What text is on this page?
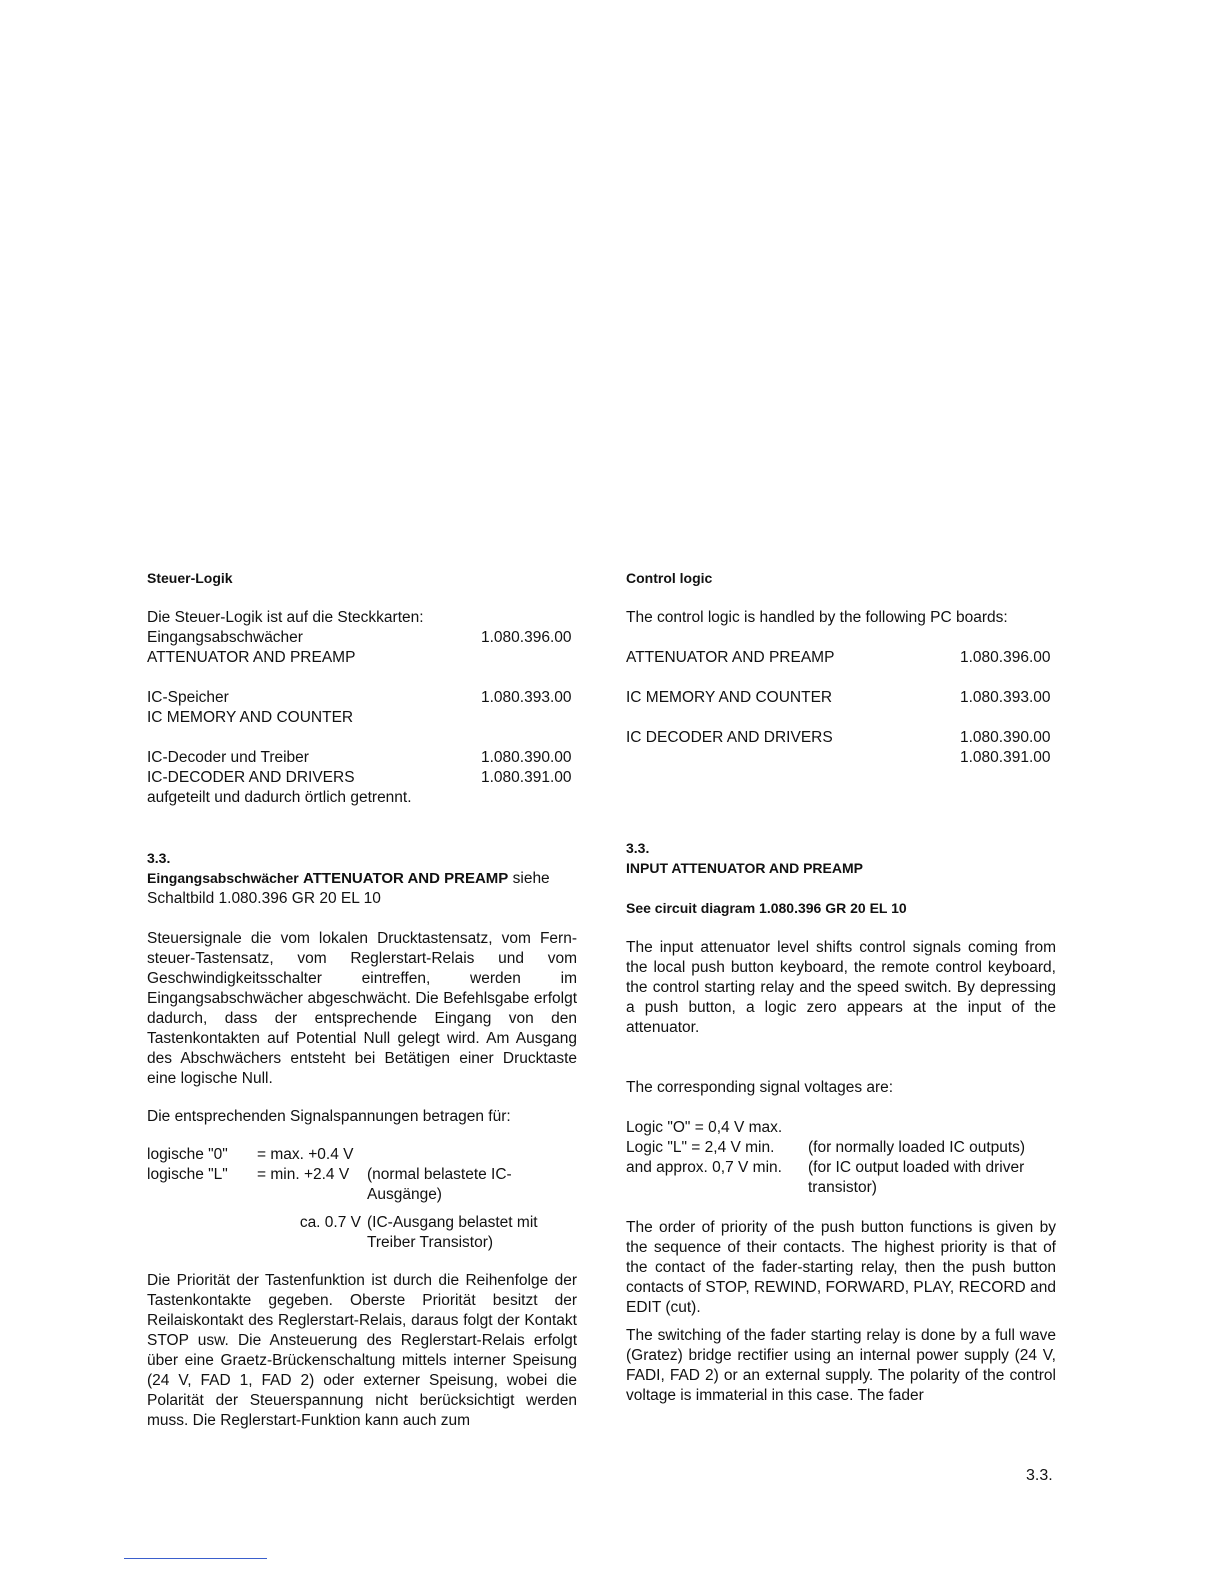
Steuer-Logik

Die Steuer-Logik ist auf die Steckkarten:

Eingangsabschwächer	1.080.396.00
ATTENUATOR AND PREAMP
IC-Speicher	1.080.393.00
IC MEMORY AND COUNTER
IC-Decoder und Treiber	1.080.390.00
IC-DECODER AND DRIVERS	1.080.391.00

aufgeteilt und dadurch örtlich getrennt.

3.3.

Eingangsabschwächer ATTENUATOR AND PREAMP siehe

Schaltbild 1.080.396 GR 20 EL 10

Steuersignale die vom lokalen Drucktastensatz, vom Fern-steuer-Tastensatz, vom Reglerstart-Relais und vom Geschwindigkeitsschalter eintreffen, werden im Eingangsabschwächer abgeschwächt. Die Befehlsgabe erfolgt dadurch, dass der entsprechende Eingang von den Tastenkontakten auf Potential Null gelegt wird. Am Ausgang des Abschwächers entsteht bei Betätigen einer Drucktaste eine logische Null.

Die entsprechenden Signalspannungen betragen für:

logische "0"	= max. +0.4 V
logische "L"	= min. +2.4 V	(normal belastete IC-Ausgänge)
ca. 0.7 V (IC-Ausgang belastet mit Treiber Transistor)

Die Priorität der Tastenfunktion ist durch die Reihenfolge der Tastenkontakte gegeben. Oberste Priorität besitzt der Reilaiskontakt des Reglerstart-Relais, daraus folgt der Kontakt STOP usw. Die Ansteuerung des Reglerstart-Relais erfolgt über eine Graetz-Brückenschaltung mittels interner Speisung (24 V, FAD 1, FAD 2) oder externer Speisung, wobei die Polarität der Steuerspannung nicht berücksichtigt werden muss. Die Reglerstart-Funktion kann auch zum

Control logic

The control logic is handled by the following PC boards:

ATTENUATOR AND PREAMP	1.080.396.00
IC MEMORY AND COUNTER	1.080.393.00
IC DECODER AND DRIVERS	1.080.390.00
1.080.391.00

3.3.

INPUT ATTENUATOR AND PREAMP

See circuit diagram 1.080.396 GR 20 EL 10

The input attenuator level shifts control signals coming from the local push button keyboard, the remote control keyboard, the control starting relay and the speed switch. By depressing a push button, a logic zero appears at the input of the attenuator.

The corresponding signal voltages are:

Logic "O" = 0,4 V max.
Logic "L" = 2,4 V min.	(for normally loaded IC outputs)
and approx. 0,7 V min.	(for IC output loaded with driver transistor)

The order of priority of the push button functions is given by the sequence of their contacts. The highest priority is that of the contact of the fader-starting relay, then the push button contacts of STOP, REWIND, FORWARD, PLAY, RECORD and EDIT (cut).

The switching of the fader starting relay is done by a full wave (Gratez) bridge rectifier using an internal power supply (24 V, FADI, FAD 2) or an external supply. The polarity of the control voltage is immaterial in this case. The fader

3.3.
